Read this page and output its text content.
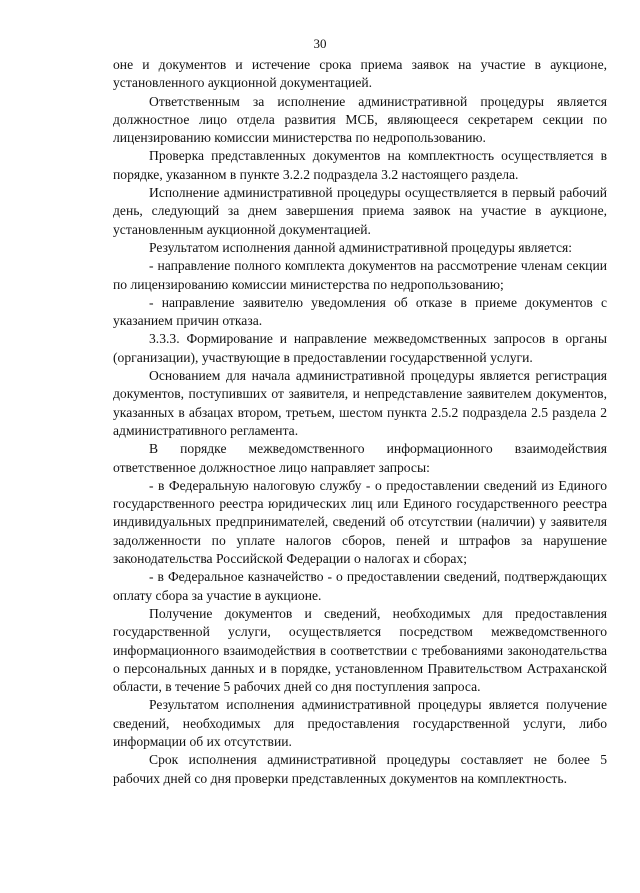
30

оне и документов и истечение срока приема заявок на участие в аукционе, установленного аукционной документацией.

Ответственным за исполнение административной процедуры является должностное лицо отдела развития МСБ, являющееся секретарем секции по лицензированию комиссии министерства по недропользованию.

Проверка представленных документов на комплектность осуществляется в порядке, указанном в пункте 3.2.2 подраздела 3.2 настоящего раздела.

Исполнение административной процедуры осуществляется в первый рабочий день, следующий за днем завершения приема заявок на участие в аукционе, установленным аукционной документацией.

Результатом исполнения данной административной процедуры является:

- направление полного комплекта документов на рассмотрение членам секции по лицензированию комиссии министерства по недропользованию;

- направление заявителю уведомления об отказе в приеме документов с указанием причин отказа.

3.3.3. Формирование и направление межведомственных запросов в органы (организации), участвующие в предоставлении государственной услуги.

Основанием для начала административной процедуры является регистрация документов, поступивших от заявителя, и непредставление заявителем документов, указанных в абзацах втором, третьем, шестом пункта 2.5.2 подраздела 2.5 раздела 2 административного регламента.

В порядке межведомственного информационного взаимодействия ответственное должностное лицо направляет запросы:

- в Федеральную налоговую службу - о предоставлении сведений из Единого государственного реестра юридических лиц или Единого государственного реестра индивидуальных предпринимателей, сведений об отсутствии (наличии) у заявителя задолженности по уплате налогов сборов, пеней и штрафов за нарушение законодательства Российской Федерации о налогах и сборах;

- в Федеральное казначейство - о предоставлении сведений, подтверждающих оплату сбора за участие в аукционе.

Получение документов и сведений, необходимых для предоставления государственной услуги, осуществляется посредством межведомственного информационного взаимодействия в соответствии с требованиями законодательства о персональных данных и в порядке, установленном Правительством Астраханской области, в течение 5 рабочих дней со дня поступления запроса.

Результатом исполнения административной процедуры является получение сведений, необходимых для предоставления государственной услуги, либо информации об их отсутствии.

Срок исполнения административной процедуры составляет не более 5 рабочих дней со дня проверки представленных документов на комплектность.
